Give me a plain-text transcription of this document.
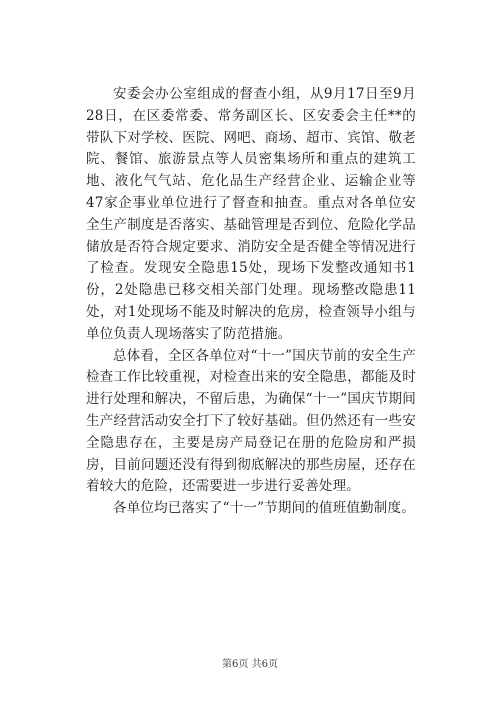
安委会办公室组成的督查小组，从9月17日至9月28日，在区委常委、常务副区长、区安委会主任**的带队下对学校、医院、网吧、商场、超市、宾馆、敬老院、餐馆、旅游景点等人员密集场所和重点的建筑工地、液化气气站、危化品生产经营企业、运输企业等47家企事业单位进行了督查和抽查。重点对各单位安全生产制度是否落实、基础管理是否到位、危险化学品储放是否符合规定要求、消防安全是否健全等情况进行了检查。发现安全隐患15处，现场下发整改通知书1份，2处隐患已移交相关部门处理。现场整改隐患11处，对1处现场不能及时解决的危房，检查领导小组与单位负责人现场落实了防范措施。

总体看，全区各单位对“十一”国庆节前的安全生产检查工作比较重视，对检查出来的安全隐患，都能及时进行处理和解决，不留后患，为确保“十一”国庆节期间生产经营活动安全打下了较好基础。但仍然还有一些安全隐患存在，主要是房产局登记在册的危险房和严损房，目前问题还没有得到彻底解决的那些房屋，还存在着较大的危险，还需要进一步进行妥善处理。

各单位均已落实了“十一”节期间的值班值勤制度。

第6页 共6页
